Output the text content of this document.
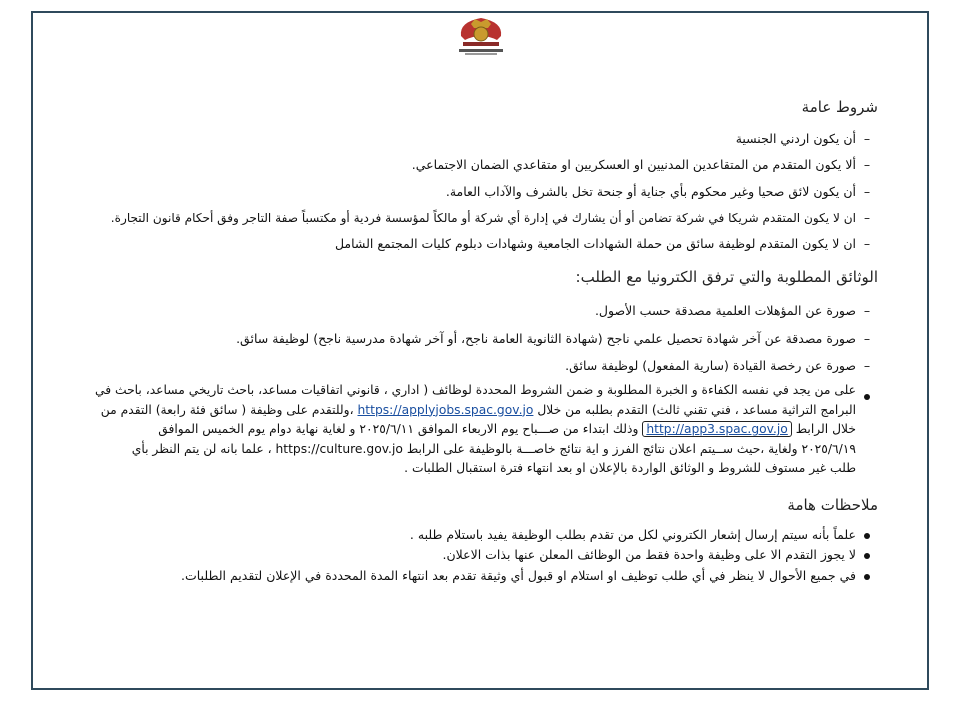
شروط عامة
–أن يكون اردني الجنسية
–ألا يكون المتقدم من المتقاعدين المدنيين او العسكريين او متقاعدي الضمان الاجتماعي.
–أن يكون لائق صحيا وغير محكوم بأي جناية أو جنحة تخل بالشرف والآداب العامة.
–ان لا يكون المتقدم شريكا في شركة تضامن أو أن يشارك في إدارة أي شركة أو مالكاً لمؤسسة فردية أو مكتسباً صفة التاجر وفق أحكام قانون التجارة.
–ان لا يكون المتقدم لوظيفة سائق من حملة الشهادات الجامعية وشهادات دبلوم كليات المجتمع الشامل
الوثائق المطلوبة والتي ترفق الكترونيا مع الطلب:
–صورة عن المؤهلات العلمية مصدقة حسب الأصول.
–صورة مصدقة عن آخر شهادة تحصيل علمي ناجح (شهادة الثانوية العامة ناجح، أو آخر شهادة مدرسية ناجح) لوظيفة سائق.
–صورة عن رخصة القيادة (سارية المفعول) لوظيفة سائق.
على من يجد في نفسه الكفاءة و الخبرة المطلوبة و ضمن الشروط المحددة لوظائف ( اداري ، قانوني اتفاقيات مساعد، باحث تاريخي مساعد، باحث في
البرامج التراثية مساعد ، فني تقني ثالث) التقدم بطلبه من خلال https://applyjobs.spac.gov.jo ،وللتقدم على وظيفة ( سائق فئة رابعة) التقدم من
خلال الرابط http://app3.spac.gov.jo وذلك ابتداء من صـــباح يوم الاربعاء الموافق ٢٠٢٥/٦/١١ و لغاية نهاية دوام يوم الخميس الموافق
٢٠٢٥/٦/١٩ ولغاية ،حيث ســيتم اعلان نتائج الفرز و اية نتائج خاصـــة بالوظيفة على الرابط https://culture.gov.jo ، علما بانه لن يتم النظر بأي
طلب غير مستوف للشروط و الوثائق الواردة بالإعلان او بعد انتهاء فترة استقبال الطلبات .
ملاحظات هامة
علماً بأنه سيتم إرسال إشعار الكتروني لكل من تقدم بطلب الوظيفة يفيد باستلام طلبه .
لا يجوز التقدم الا على وظيفة واحدة فقط من الوظائف المعلن عنها بذات الاعلان.
في جميع الأحوال لا ينظر في أي طلب توظيف او استلام او قبول أي وثيقة تقدم بعد انتهاء المدة المحددة في الإعلان لتقديم الطلبات.
